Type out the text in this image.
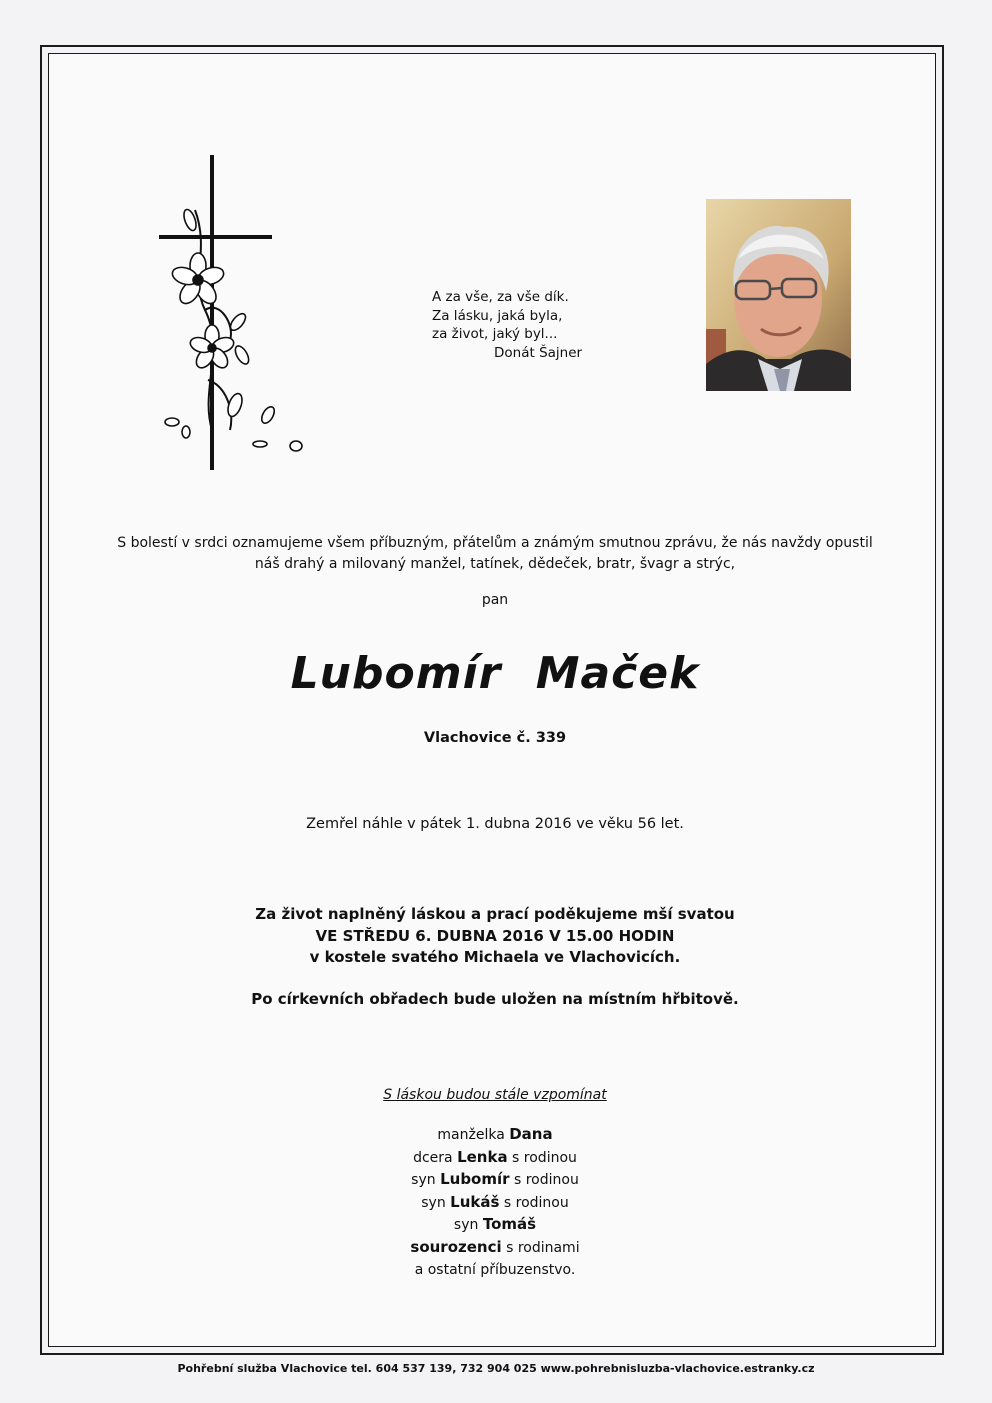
A za vše, za vše dík.
Za lásku, jaká byla,
za život, jaký byl...
Donát Šajner
S bolestí v srdci oznamujeme všem příbuzným, přátelům a známým smutnou zprávu, že nás navždy opustil
náš drahý a milovaný manžel, tatínek, dědeček, bratr, švagr a strýc,
pan
Lubomír Maček
Vlachovice č. 339
Zemřel náhle v pátek 1. dubna 2016 ve věku 56 let.
Za život naplněný láskou a prací poděkujeme mší svatou
VE STŘEDU 6. DUBNA 2016 V 15.00 HODIN
v kostele svatého Michaela ve Vlachovicích.
Po církevních obřadech bude uložen na místním hřbitově.
S láskou budou stále vzpomínat
manželka Dana
dcera Lenka s rodinou
syn Lubomír s rodinou
syn Lukáš s rodinou
syn Tomáš
sourozenci s rodinami
a ostatní příbuzenstvo.
Pohřební služba Vlachovice tel. 604 537 139, 732 904 025 www.pohrebnisluzba-vlachovice.estranky.cz
